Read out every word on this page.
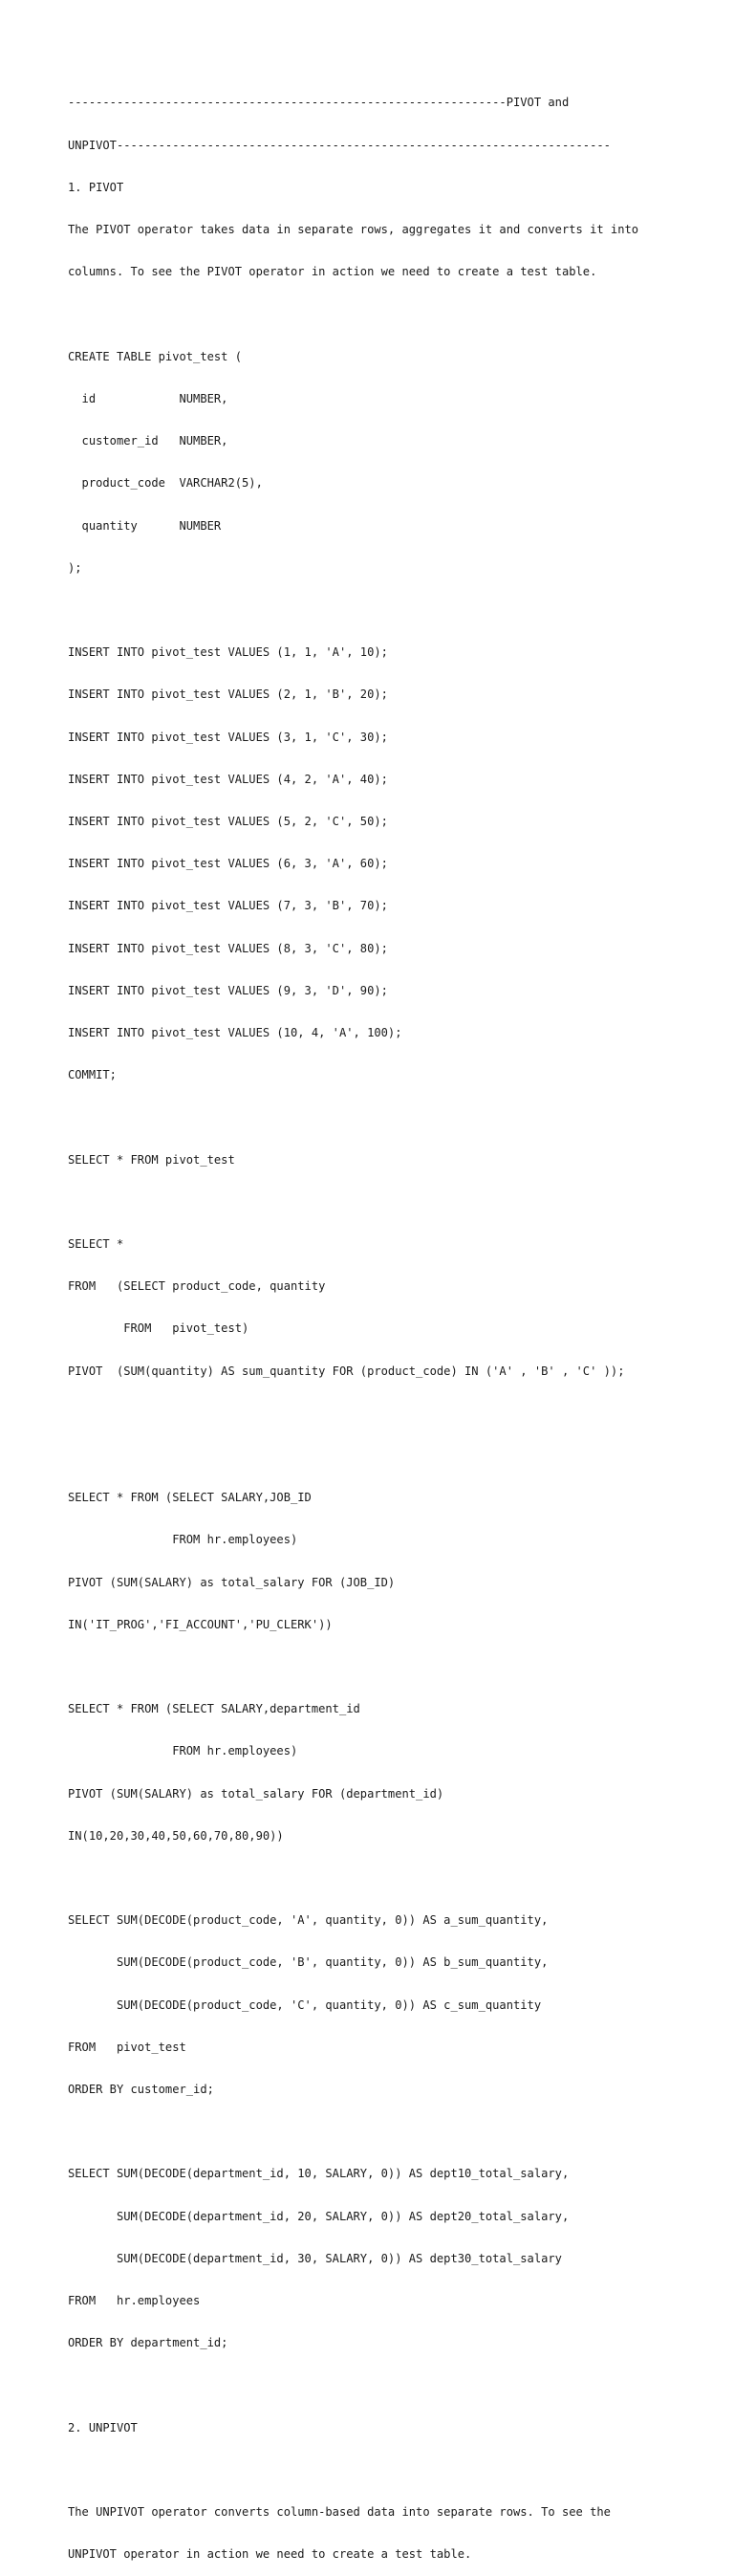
---------------------------------------------------------------PIVOT and

UNPIVOT-----------------------------------------------------------------------

1. PIVOT

The PIVOT operator takes data in separate rows, aggregates it and converts it into

columns. To see the PIVOT operator in action we need to create a test table.

CREATE TABLE pivot_test (

id            NUMBER,

customer_id   NUMBER,

product_code  VARCHAR2(5),

quantity      NUMBER

);

INSERT INTO pivot_test VALUES (1, 1, 'A', 10);

INSERT INTO pivot_test VALUES (2, 1, 'B', 20);

INSERT INTO pivot_test VALUES (3, 1, 'C', 30);

INSERT INTO pivot_test VALUES (4, 2, 'A', 40);

INSERT INTO pivot_test VALUES (5, 2, 'C', 50);

INSERT INTO pivot_test VALUES (6, 3, 'A', 60);

INSERT INTO pivot_test VALUES (7, 3, 'B', 70);

INSERT INTO pivot_test VALUES (8, 3, 'C', 80);

INSERT INTO pivot_test VALUES (9, 3, 'D', 90);

INSERT INTO pivot_test VALUES (10, 4, 'A', 100);

COMMIT;

SELECT * FROM pivot_test

SELECT *

FROM   (SELECT product_code, quantity

FROM   pivot_test)

PIVOT  (SUM(quantity) AS sum_quantity FOR (product_code) IN ('A' , 'B' , 'C' ));

SELECT * FROM (SELECT SALARY,JOB_ID

FROM hr.employees)

PIVOT (SUM(SALARY) as total_salary FOR (JOB_ID)

IN('IT_PROG','FI_ACCOUNT','PU_CLERK'))

SELECT * FROM (SELECT SALARY,department_id

FROM hr.employees)

PIVOT (SUM(SALARY) as total_salary FOR (department_id)

IN(10,20,30,40,50,60,70,80,90))

SELECT SUM(DECODE(product_code, 'A', quantity, 0)) AS a_sum_quantity,

SUM(DECODE(product_code, 'B', quantity, 0)) AS b_sum_quantity,

SUM(DECODE(product_code, 'C', quantity, 0)) AS c_sum_quantity

FROM   pivot_test

ORDER BY customer_id;

SELECT SUM(DECODE(department_id, 10, SALARY, 0)) AS dept10_total_salary,

SUM(DECODE(department_id, 20, SALARY, 0)) AS dept20_total_salary,

SUM(DECODE(department_id, 30, SALARY, 0)) AS dept30_total_salary

FROM   hr.employees

ORDER BY department_id;

2. UNPIVOT

The UNPIVOT operator converts column-based data into separate rows. To see the

UNPIVOT operator in action we need to create a test table.
